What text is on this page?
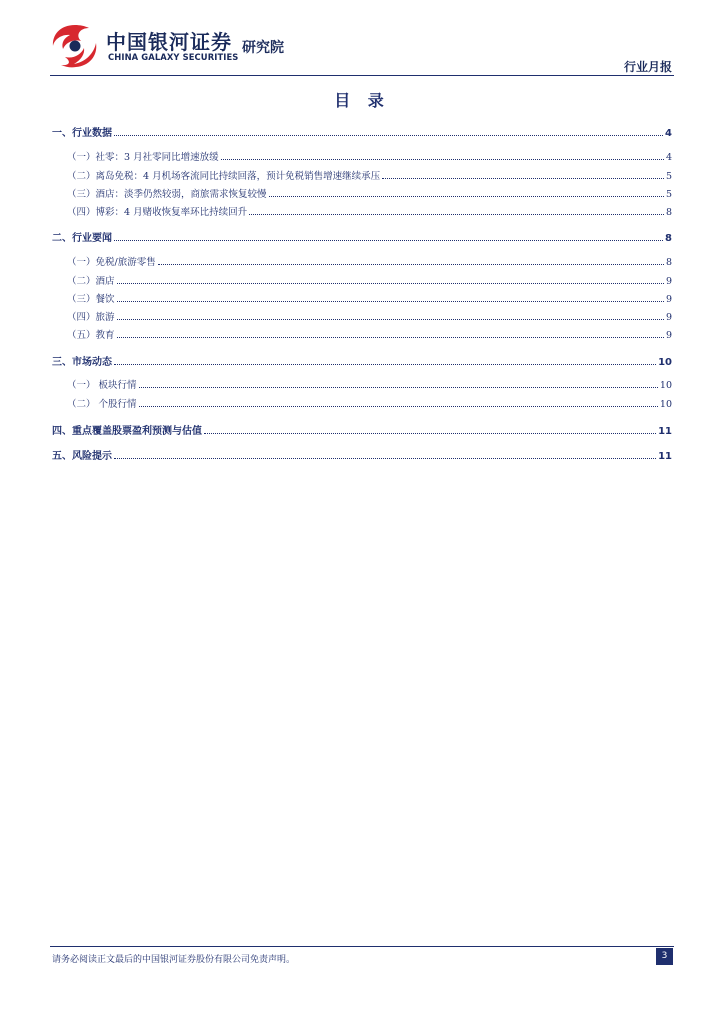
中国银河证券
CHINA GALAXY SECURITIES
研究院
行业月报
目 录
一、行业数据	4
（一）社零：3 月社零同比增速放缓	4
（二）离岛免税：4 月机场客流同比持续回落，预计免税销售增速继续承压	5
（三）酒店：淡季仍然较弱，商旅需求恢复较慢	5
（四）博彩：4 月赌收恢复率环比持续回升	8
二、行业要闻	8
（一）免税/旅游零售	8
（二）酒店	9
（三）餐饮	9
（四）旅游	9
（五）教育	9
三、市场动态	10
（一） 板块行情	10
（二） 个股行情	10
四、重点覆盖股票盈利预测与估值	11
五、风险提示	11
请务必阅读正文最后的中国银河证券股份有限公司免责声明。	3
